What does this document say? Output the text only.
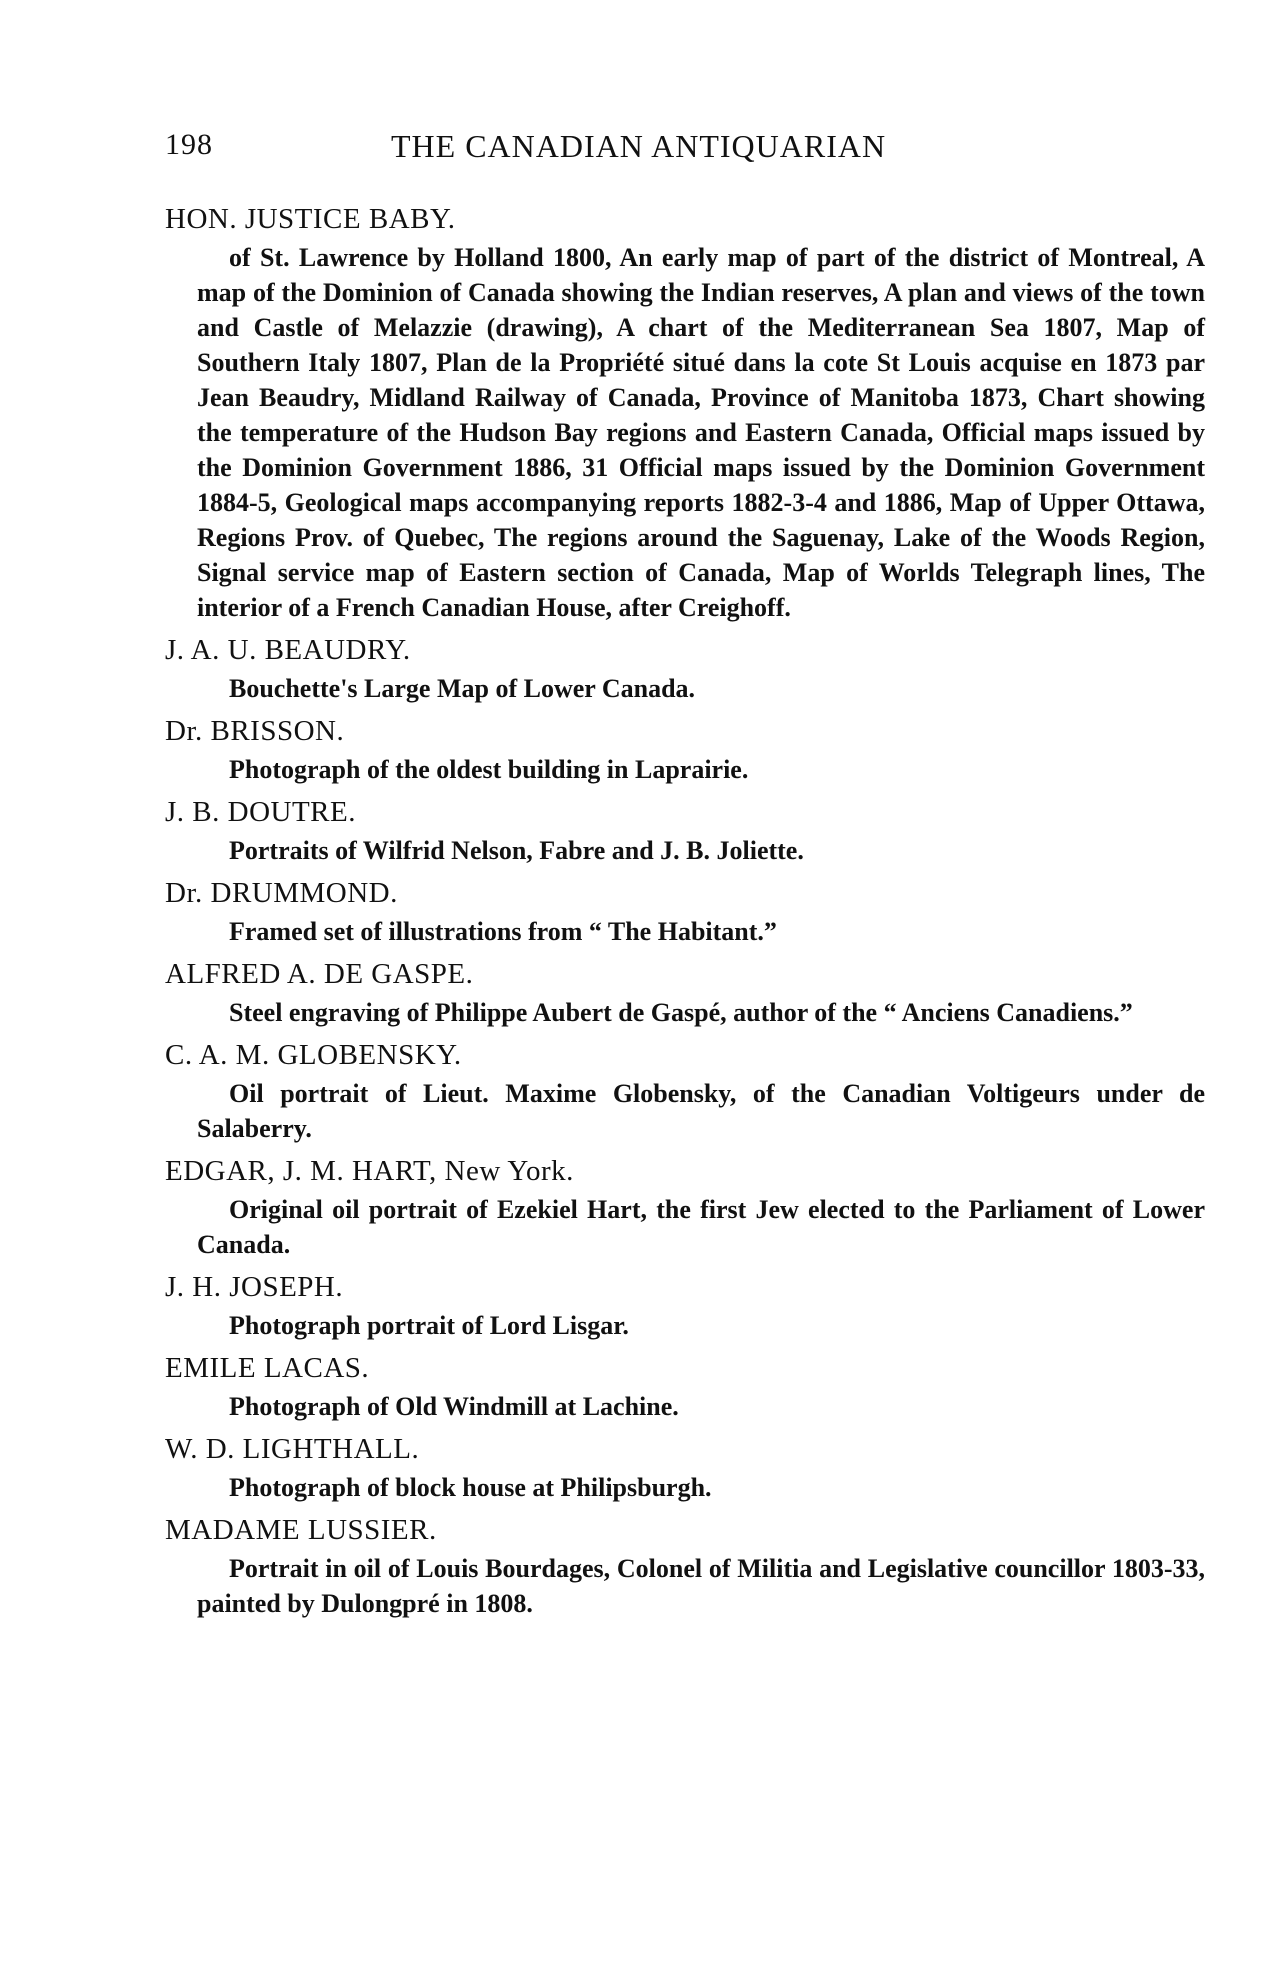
198	THE CANADIAN ANTIQUARIAN
HON. JUSTICE BABY.
of St. Lawrence by Holland 1800, An early map of part of the district of Montreal, A map of the Dominion of Canada showing the Indian reserves, A plan and views of the town and Castle of Melazzie (drawing), A chart of the Mediterranean Sea 1807, Map of Southern Italy 1807, Plan de la Propriété situé dans la cote St Louis acquise en 1873 par Jean Beaudry, Midland Railway of Canada, Province of Manitoba 1873, Chart showing the temperature of the Hudson Bay regions and Eastern Canada, Official maps issued by the Dominion Government 1886, 31 Official maps issued by the Dominion Government 1884-5, Geological maps accompanying reports 1882-3-4 and 1886, Map of Upper Ottawa, Regions Prov. of Quebec, The regions around the Saguenay, Lake of the Woods Region, Signal service map of Eastern section of Canada, Map of Worlds Telegraph lines, The interior of a French Canadian House, after Creighoff.
J. A. U. BEAUDRY.
Bouchette's Large Map of Lower Canada.
Dr. BRISSON.
Photograph of the oldest building in Laprairie.
J. B. DOUTRE.
Portraits of Wilfrid Nelson, Fabre and J. B. Joliette.
Dr. DRUMMOND.
Framed set of illustrations from “ The Habitant.”
ALFRED A. DE GASPE.
Steel engraving of Philippe Aubert de Gaspé, author of the “ Anciens Canadiens.”
C. A. M. GLOBENSKY.
Oil portrait of Lieut. Maxime Globensky, of the Canadian Voltigeurs under de Salaberry.
EDGAR, J. M. HART, New York.
Original oil portrait of Ezekiel Hart, the first Jew elected to the Parliament of Lower Canada.
J. H. JOSEPH.
Photograph portrait of Lord Lisgar.
EMILE LACAS.
Photograph of Old Windmill at Lachine.
W. D. LIGHTHALL.
Photograph of block house at Philipsburgh.
MADAME LUSSIER.
Portrait in oil of Louis Bourdages, Colonel of Militia and Legislative councillor 1803-33, painted by Dulongpré in 1808.
